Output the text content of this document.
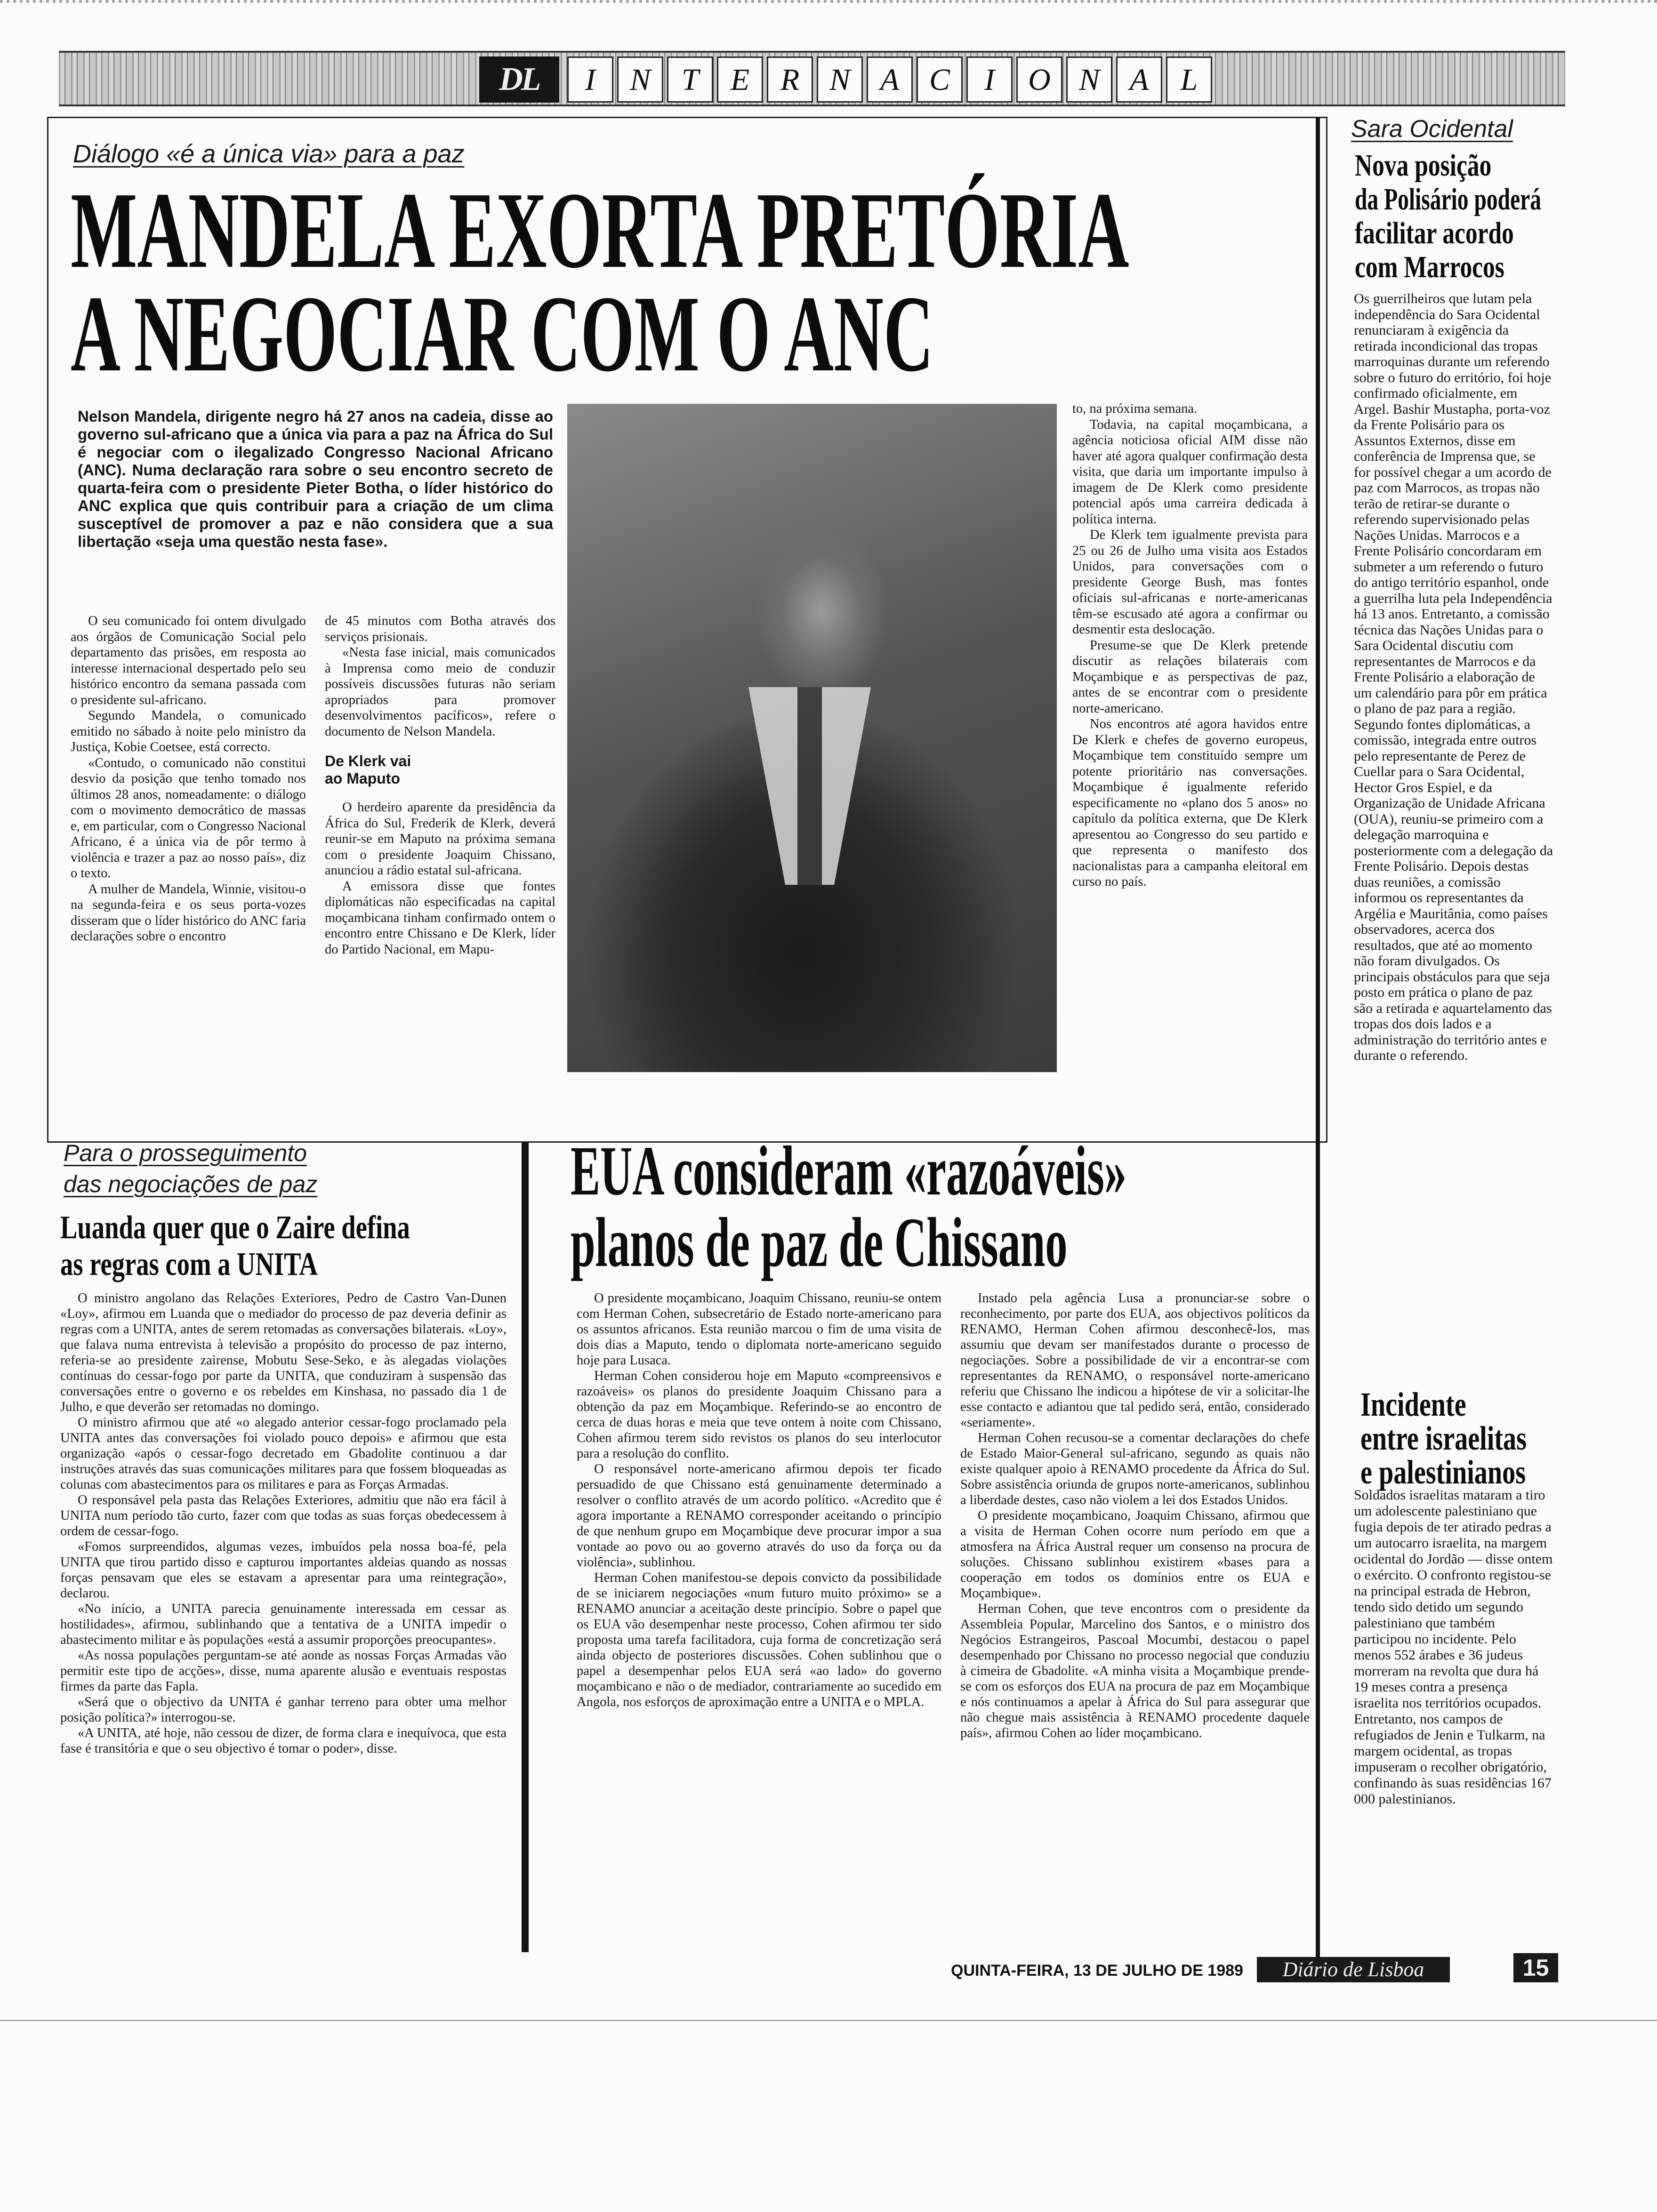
DL	I	N T	E R N A C	I	O N A	L
Diálogo «é a única via» para a paz
MANDELA EXORTA PRETÓRIA
A NEGOCIAR COM O ANC

Nelson Mandela, dirigente negro há 27 anos na cadeia, disse ao governo sul-africano que a única via para a paz na África do Sul é negociar com o ilegalizado Congresso Nacional Africano (ANC). Numa declaração rara sobre o seu encontro secreto de quarta-feira com o presidente Pieter Botha, o líder histórico do ANC explica que quis contribuir para a criação de um clima susceptível de promover a paz e não considera que a sua libertação «seja uma questão nesta fase».

O seu comunicado foi ontem divulgado aos órgãos de Comunicação Social pelo departamento das prisões, em resposta ao interesse internacional despertado pelo seu histórico encontro da semana passada com o presidente sul-africano.

Segundo Mandela, o comunicado emitido no sábado à noite pelo ministro da Justiça, Kobie Coetsee, está correcto.

«Contudo, o comunicado não constitui desvio da posição que tenho tomado nos últimos 28 anos, nomeadamente: o diálogo com o movimento democrático de massas e, em particular, com o Congresso Nacional Africano, é a única via de pôr termo à violência e trazer a paz ao nosso país», diz o texto.

A mulher de Mandela, Winnie, visitou-o na segunda-feira e os seus porta-vozes disseram que o líder histórico do ANC faria declarações sobre o encontro

de 45 minutos com Botha através dos serviços prisionais.

«Nesta fase inicial, mais comunicados à Imprensa como meio de conduzir possíveis discussões futuras não seriam apropriados para promover desenvolvimentos pacíficos», refere o documento de Nelson Mandela.

De Klerk vai ao Maputo

O herdeiro aparente da presidência da África do Sul, Frederik de Klerk, deverá reunir-se em Maputo na próxima semana com o presidente Joaquim Chissano, anunciou a rádio estatal sul-africana.

A emissora disse que fontes diplomáticas não especificadas na capital moçambicana tinham confirmado ontem o encontro entre Chissano e De Klerk, líder do Partido Nacional, em Mapu-

to, na próxima semana.

Todavia, na capital moçambicana, a agência noticiosa oficial AIM disse não haver até agora qualquer confirmação desta visita, que daria um importante impulso à imagem de De Klerk como presidente potencial após uma carreira dedicada à política interna.

De Klerk tem igualmente prevista para 25 ou 26 de Julho uma visita aos Estados Unidos, para conversações com o presidente George Bush, mas fontes oficiais sul-africanas e norte-americanas têm-se escusado até agora a confirmar ou desmentir esta deslocação.

Presume-se que De Klerk pretende discutir as relações bilaterais com Moçambique e as perspectivas de paz, antes de se encontrar com o presidente norte-americano.

Nos encontros até agora havidos entre De Klerk e chefes de governo europeus, Moçambique tem constituído sempre um potente prioritário nas conversações. Moçambique é igualmente referido especificamente no «plano dos 5 anos» no capítulo da política externa, que De Klerk apresentou ao Congresso do seu partido e que representa o manifesto dos nacionalistas para a campanha eleitoral em curso no país.

Sara Ocidental
Nova posição
da Polisário poderá
facilitar acordo
com Marrocos

Os guerrilheiros que lutam pela independência do Sara Ocidental renunciaram à exigência da retirada incondicional das tropas marroquinas durante um referendo sobre o futuro do erritório, foi hoje confirmado oficialmente, em Argel. Bashir Mustapha, porta-voz da Frente Polisário para os Assuntos Externos, disse em conferência de Imprensa que, se for possível chegar a um acordo de paz com Marrocos, as tropas não terão de retirar-se durante o referendo supervisionado pelas Nações Unidas. Marrocos e a Frente Polisário concordaram em submeter a um referendo o futuro do antigo território espanhol, onde a guerrilha luta pela Independência há 13 anos. Entretanto, a comissão técnica das Nações Unidas para o Sara Ocidental discutiu com representantes de Marrocos e da Frente Polisário a elaboração de um calendário para pôr em prática o plano de paz para a região. Segundo fontes diplomáticas, a comissão, integrada entre outros pelo representante de Perez de Cuellar para o Sara Ocidental, Hector Gros Espiel, e da Organização de Unidade Africana (OUA), reuniu-se primeiro com a delegação marroquina e posteriormente com a delegação da Frente Polisário. Depois destas duas reuniões, a comissão informou os representantes da Argélia e Mauritânia, como países observadores, acerca dos resultados, que até ao momento não foram divulgados. Os principais obstáculos para que seja posto em prática o plano de paz são a retirada e aquartelamento das tropas dos dois lados e a administração do território antes e durante o referendo.

Incidente
entre israelitas
e palestinianos

Soldados israelitas mataram a tiro um adolescente palestiniano que fugia depois de ter atirado pedras a um autocarro israelita, na margem ocidental do Jordão — disse ontem o exército. O confronto registou-se na principal estrada de Hebron, tendo sido detido um segundo palestiniano que também participou no incidente. Pelo menos 552 árabes e 36 judeus morreram na revolta que dura há 19 meses contra a presença israelita nos territórios ocupados. Entretanto, nos campos de refugiados de Jenin e Tulkarm, na margem ocidental, as tropas impuseram o recolher obrigatório, confinando às suas residências 167 000 palestinianos.

Para o prosseguimento
das negociações de paz
Luanda quer que o Zaire defina
as regras com a UNITA

O ministro angolano das Relações Exteriores, Pedro de Castro Van-Dunen «Loy», afirmou em Luanda que o mediador do processo de paz deveria definir as regras com a UNITA, antes de serem retomadas as conversações bilaterais. «Loy», que falava numa entrevista à televisão a propósito do processo de paz interno, referia-se ao presidente zairense, Mobutu Sese-Seko, e às alegadas violações contínuas do cessar-fogo por parte da UNITA, que conduziram à suspensão das conversações entre o governo e os rebeldes em Kinshasa, no passado dia 1 de Julho, e que deverão ser retomadas no domingo.

O ministro afirmou que até «o alegado anterior cessar-fogo proclamado pela UNITA antes das conversações foi violado pouco depois» e afirmou que esta organização «após o cessar-fogo decretado em Gbadolite continuou a dar instruções através das suas comunicações militares para que fossem bloqueadas as colunas com abastecimentos para os militares e para as Forças Armadas.

O responsável pela pasta das Relações Exteriores, admitiu que não era fácil à UNITA num período tão curto, fazer com que todas as suas forças obedecessem à ordem de cessar-fogo.

«Fomos surpreendidos, algumas vezes, imbuídos pela nossa boa-fé, pela UNITA que tirou partido disso e capturou importantes aldeias quando as nossas forças pensavam que eles se estavam a apresentar para uma reintegração», declarou.

«No início, a UNITA parecia genuinamente interessada em cessar as hostilidades», afirmou, sublinhando que a tentativa de a UNITA impedir o abastecimento militar e às populações «está a assumir proporções preocupantes».

«As nossa populações perguntam-se até aonde as nossas Forças Armadas vão permitir este tipo de acções», disse, numa aparente alusão e eventuais respostas firmes da parte das Fapla.

«Será que o objectivo da UNITA é ganhar terreno para obter uma melhor posição política?» interrogou-se.

«A UNITA, até hoje, não cessou de dizer, de forma clara e inequívoca, que esta fase é transitória e que o seu objectivo é tomar o poder», disse.

EUA consideram «razoáveis»
planos de paz de Chissano

O presidente moçambicano, Joaquim Chissano, reuniu-se ontem com Herman Cohen, subsecretário de Estado norte-americano para os assuntos africanos. Esta reunião marcou o fim de uma visita de dois dias a Maputo, tendo o diplomata norte-americano seguido hoje para Lusaca.

Herman Cohen considerou hoje em Maputo «compreensivos e razoáveis» os planos do presidente Joaquim Chissano para a obtenção da paz em Moçambique. Referindo-se ao encontro de cerca de duas horas e meia que teve ontem à noite com Chissano, Cohen afirmou terem sido revistos os planos do seu interlocutor para a resolução do conflito.

O responsável norte-americano afirmou depois ter ficado persuadido de que Chissano está genuinamente determinado a resolver o conflito através de um acordo político. «Acredito que é agora importante a RENAMO corresponder aceitando o princípio de que nenhum grupo em Moçambique deve procurar impor a sua vontade ao povo ou ao governo através do uso da força ou da violência», sublinhou.

Herman Cohen manifestou-se depois convicto da possibilidade de se iniciarem negociações «num futuro muito próximo» se a RENAMO anunciar a aceitação deste princípio. Sobre o papel que os EUA vão desempenhar neste processo, Cohen afirmou ter sido proposta uma tarefa facilitadora, cuja forma de concretização será ainda objecto de posteriores discussões. Cohen sublinhou que o papel a desempenhar pelos EUA será «ao lado» do governo moçambicano e não o de mediador, contrariamente ao sucedido em Angola, nos esforços de aproximação entre a UNITA e o MPLA.

Instado pela agência Lusa a pronunciar-se sobre o reconhecimento, por parte dos EUA, aos objectivos políticos da RENAMO, Herman Cohen afirmou desconhecê-los, mas assumiu que devam ser manifestados durante o processo de negociações. Sobre a possibilidade de vir a encontrar-se com representantes da RENAMO, o responsável norte-americano referiu que Chissano lhe indicou a hipótese de vir a solicitar-lhe esse contacto e adiantou que tal pedido será, então, considerado «seriamente».

Herman Cohen recusou-se a comentar declarações do chefe de Estado Maior-General sul-africano, segundo as quais não existe qualquer apoio à RENAMO procedente da África do Sul. Sobre assistência oriunda de grupos norte-americanos, sublinhou a liberdade destes, caso não violem a lei dos Estados Unidos.

O presidente moçambicano, Joaquim Chissano, afirmou que a visita de Herman Cohen ocorre num período em que a atmosfera na África Austral requer um consenso na procura de soluções. Chissano sublinhou existirem «bases para a cooperação em todos os domínios entre os EUA e Moçambique».

Herman Cohen, que teve encontros com o presidente da Assembleia Popular, Marcelino dos Santos, e o ministro dos Negócios Estrangeiros, Pascoal Mocumbi, destacou o papel desempenhado por Chissano no processo negocial que conduziu à cimeira de Gbadolite. «A minha visita a Moçambique prende-se com os esforços dos EUA na procura de paz em Moçambique e nós continuamos a apelar à África do Sul para assegurar que não chegue mais assistência à RENAMO procedente daquele país», afirmou Cohen ao líder moçambicano.

QUINTA-FEIRA, 13 DE JULHO DE 1989	Diário de Lisboa	15
